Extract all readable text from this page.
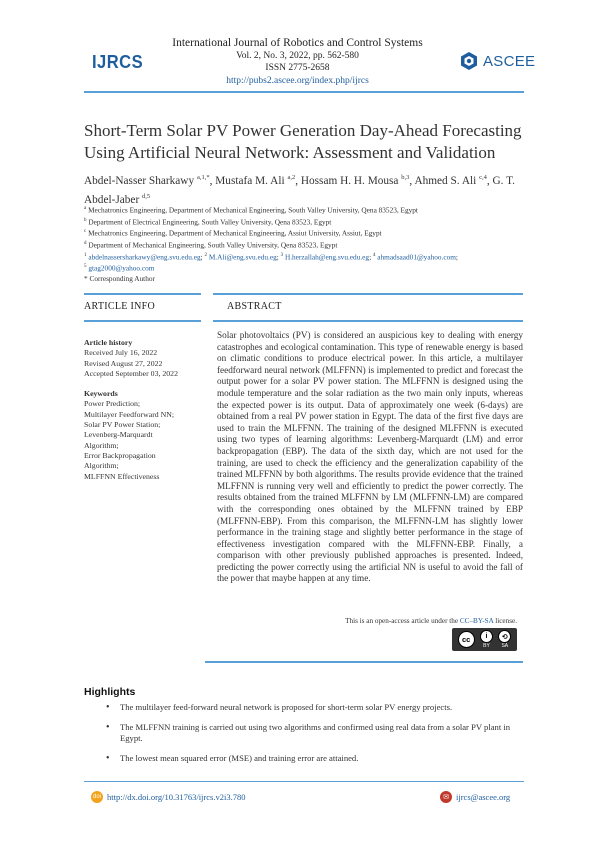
IJRCS
International Journal of Robotics and Control Systems
Vol. 2, No. 3, 2022, pp. 562-580
ISSN 2775-2658
http://pubs2.ascee.org/index.php/ijrcs
ASCEE
Short-Term Solar PV Power Generation Day-Ahead Forecasting Using Artificial Neural Network: Assessment and Validation
Abdel-Nasser Sharkawy $^{a,1,*}$, Mustafa M. Ali $^{a,2}$, Hossam H. H. Mousa $^{b,3}$, Ahmed S. Ali $^{c,4}$, G. T. Abdel-Jaber $^{d,5}$
$^a$ Mechatronics Engineering, Department of Mechanical Engineering, South Valley University, Qena 83523, Egypt
$^b$ Department of Electrical Engineering, South Valley University, Qena 83523, Egypt
$^c$ Mechatronics Engineering, Department of Mechanical Engineering, Assiut University, Assiut, Egypt
$^d$ Department of Mechanical Engineering, South Valley University, Qena 83523, Egypt
$^1$ abdelnassersharkawy@eng.svu.edu.eg; $^2$ M.Ali@eng.svu.edu.eg; $^3$ H.herzallah@eng.svu.edu.eg; $^4$ ahmadsaad01@yahoo.com;
$^5$ gtag2000@yahoo.com
* Corresponding Author
ARTICLE INFO	ABSTRACT
Article history
Received July 16, 2022
Revised August 27, 2022
Accepted September 03, 2022
Keywords
Power Prediction;
Multilayer Feedforward NN;
Solar PV Power Station;
Levenberg-Marquardt
Algorithm;
Error Backpropagation
Algorithm;
MLFFNN Effectiveness
Solar photovoltaics (PV) is considered an auspicious key to dealing with energy catastrophes and ecological contamination. This type of renewable energy is based on climatic conditions to produce electrical power. In this article, a multilayer feedforward neural network (MLFFNN) is implemented to predict and forecast the output power for a solar PV power station. The MLFFNN is designed using the module temperature and the solar radiation as the two main only inputs, whereas the expected power is its output. Data of approximately one week (6-days) are obtained from a real PV power station in Egypt. The data of the first five days are used to train the MLFFNN. The training of the designed MLFFNN is executed using two types of learning algorithms: Levenberg-Marquardt (LM) and error backpropagation (EBP). The data of the sixth day, which are not used for the training, are used to check the efficiency and the generalization capability of the trained MLFFNN by both algorithms. The results provide evidence that the trained MLFFNN is running very well and efficiently to predict the power correctly. The results obtained from the trained MLFFNN by LM (MLFFNN-LM) are compared with the corresponding ones obtained by the MLFFNN trained by EBP (MLFFNN-EBP). From this comparison, the MLFFNN-LM has slightly lower performance in the training stage and slightly better performance in the stage of effectiveness investigation compared with the MLFFNN-EBP. Finally, a comparison with other previously published approaches is presented. Indeed, predicting the power correctly using the artificial NN is useful to avoid the fall of the power that maybe happen at any time.
This is an open-access article under the CC–BY-SA license.
cc	i
BY
⟲
SA
Highlights
• The multilayer feed-forward neural network is proposed for short-term solar PV energy projects.
• The MLFFNN training is carried out using two algorithms and confirmed using real data from a solar PV plant in Egypt.
• The lowest mean squared error (MSE) and training error are attained.
doi http://dx.doi.org/10.31763/ijrcs.v2i3.780	✉ ijrcs@ascee.org
